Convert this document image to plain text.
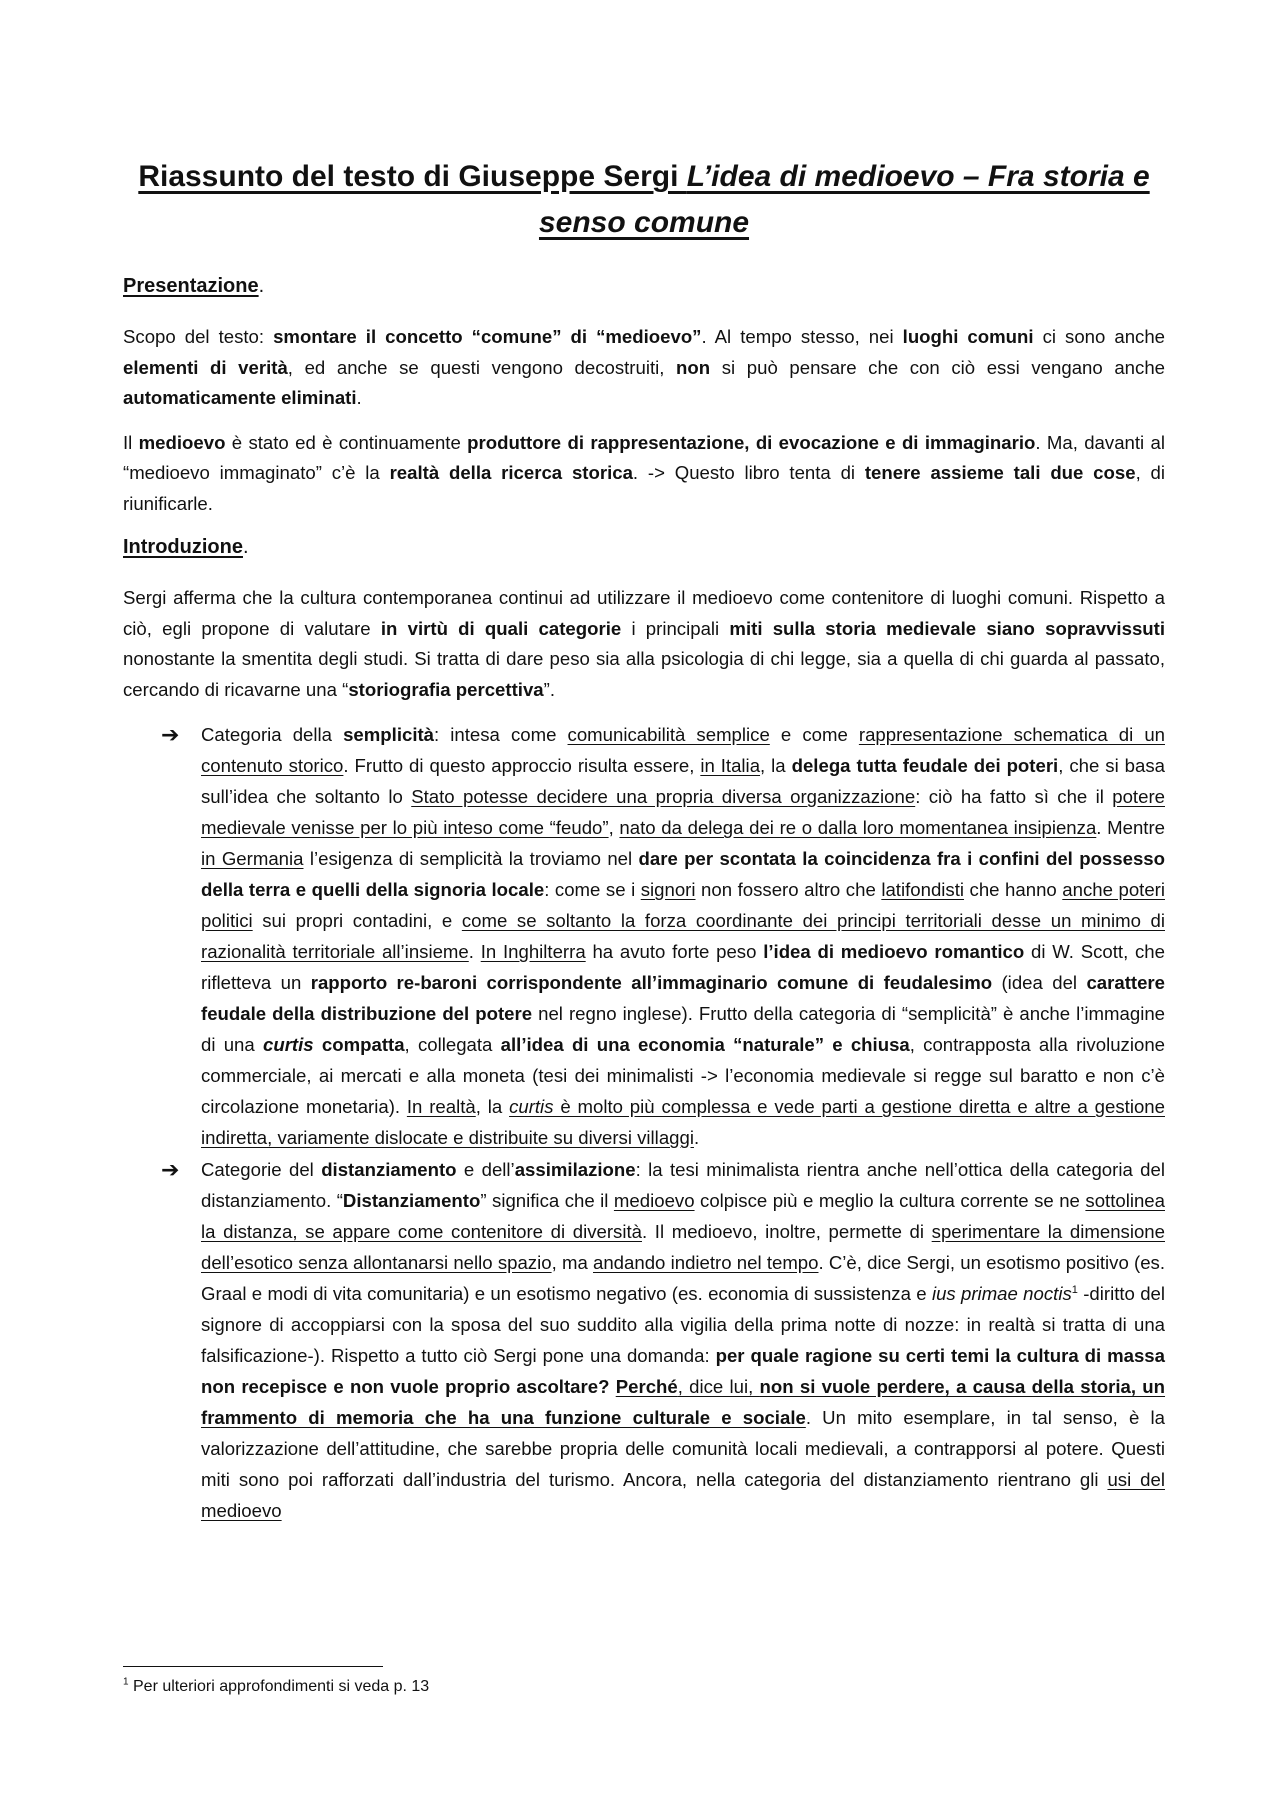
Riassunto del testo di Giuseppe Sergi L’idea di medioevo – Fra storia e senso comune
Presentazione.

Scopo del testo: smontare il concetto “comune” di “medioevo”. Al tempo stesso, nei luoghi comuni ci sono anche elementi di verità, ed anche se questi vengono decostruiti, non si può pensare che con ciò essi vengano anche automaticamente eliminati.

Il medioevo è stato ed è continuamente produttore di rappresentazione, di evocazione e di immaginario. Ma, davanti al “medioevo immaginato” c’è la realtà della ricerca storica. -> Questo libro tenta di tenere assieme tali due cose, di riunificarle.

Introduzione.

Sergi afferma che la cultura contemporanea continui ad utilizzare il medioevo come contenitore di luoghi comuni. Rispetto a ciò, egli propone di valutare in virtù di quali categorie i principali miti sulla storia medievale siano sopravvissuti nonostante la smentita degli studi. Si tratta di dare peso sia alla psicologia di chi legge, sia a quella di chi guarda al passato, cercando di ricavarne una “storiografia percettiva”.

➔ Categoria della semplicità: intesa come comunicabilità semplice e come rappresentazione schematica di un contenuto storico. Frutto di questo approccio risulta essere, in Italia, la delega tutta feudale dei poteri, che si basa sull’idea che soltanto lo Stato potesse decidere una propria diversa organizzazione: ciò ha fatto sì che il potere medievale venisse per lo più inteso come “feudo”, nato da delega dei re o dalla loro momentanea insipienza. Mentre in Germania l’esigenza di semplicità la troviamo nel dare per scontata la coincidenza fra i confini del possesso della terra e quelli della signoria locale: come se i signori non fossero altro che latifondisti che hanno anche poteri politici sui propri contadini, e come se soltanto la forza coordinante dei principi territoriali desse un minimo di razionalità territoriale all’insieme. In Inghilterra ha avuto forte peso l’idea di medioevo romantico di W. Scott, che rifletteva un rapporto re-baroni corrispondente all’immaginario comune di feudalesimo (idea del carattere feudale della distribuzione del potere nel regno inglese). Frutto della categoria di “semplicità” è anche l’immagine di una curtis compatta, collegata all’idea di una economia “naturale” e chiusa, contrapposta alla rivoluzione commerciale, ai mercati e alla moneta (tesi dei minimalisti -> l’economia medievale si regge sul baratto e non c’è circolazione monetaria). In realtà, la curtis è molto più complessa e vede parti a gestione diretta e altre a gestione indiretta, variamente dislocate e distribuite su diversi villaggi.
➔ Categorie del distanziamento e dell’assimilazione: la tesi minimalista rientra anche nell’ottica della categoria del distanziamento. “Distanziamento” significa che il medioevo colpisce più e meglio la cultura corrente se ne sottolinea la distanza, se appare come contenitore di diversità. Il medioevo, inoltre, permette di sperimentare la dimensione dell’esotico senza allontanarsi nello spazio, ma andando indietro nel tempo. C’è, dice Sergi, un esotismo positivo (es. Graal e modi di vita comunitaria) e un esotismo negativo (es. economia di sussistenza e ius primae noctis$^1$ -diritto del signore di accoppiarsi con la sposa del suo suddito alla vigilia della prima notte di nozze: in realtà si tratta di una falsificazione-). Rispetto a tutto ciò Sergi pone una domanda: per quale ragione su certi temi la cultura di massa non recepisce e non vuole proprio ascoltare? Perché, dice lui, non si vuole perdere, a causa della storia, un frammento di memoria che ha una funzione culturale e sociale. Un mito esemplare, in tal senso, è la valorizzazione dell’attitudine, che sarebbe propria delle comunità locali medievali, a contrapporsi al potere. Questi miti sono poi rafforzati dall’industria del turismo. Ancora, nella categoria del distanziamento rientrano gli usi del medioevo
$^1$ Per ulteriori approfondimenti si veda p. 13
